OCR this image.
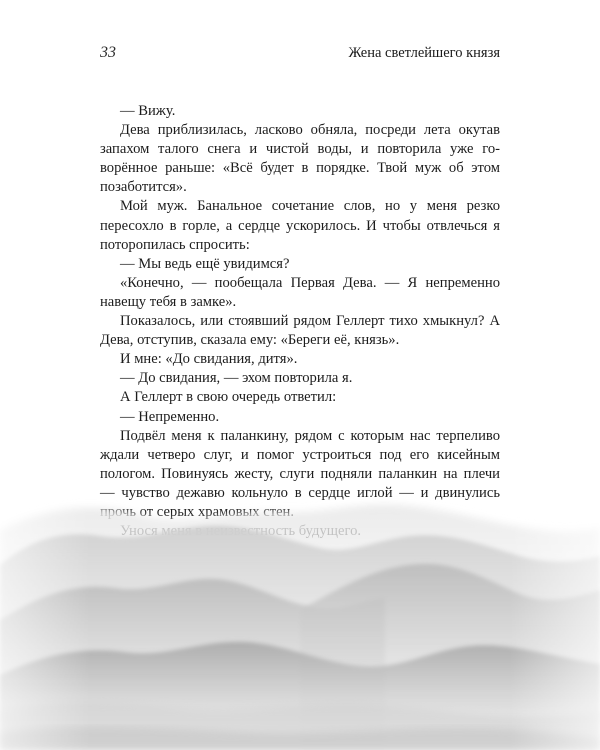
33	Жена светлейшего князя

— Вижу.

Дева приблизилась, ласково обняла, посреди лета окутав запахом талого снега и чистой воды, и повторила уже говорённое раньше: «Всё будет в порядке. Твой муж об этом позаботится».

Мой муж. Банальное сочетание слов, но у меня резко пересохло в горле, а сердце ускорилось. И чтобы отвлечься я поторопилась спросить:

— Мы ведь ещё увидимся?

«Конечно, — пообещала Первая Дева. — Я непременно навещу тебя в замке».

Показалось, или стоявший рядом Геллерт тихо хмыкнул? А Дева, отступив, сказала ему: «Береги её, князь».

И мне: «До свидания, дитя».

— До свидания, — эхом повторила я.

А Геллерт в свою очередь ответил:

— Непременно.

Подвёл меня к паланкину, рядом с которым нас терпеливо ждали четверо слуг, и помог устроиться под его кисейным
